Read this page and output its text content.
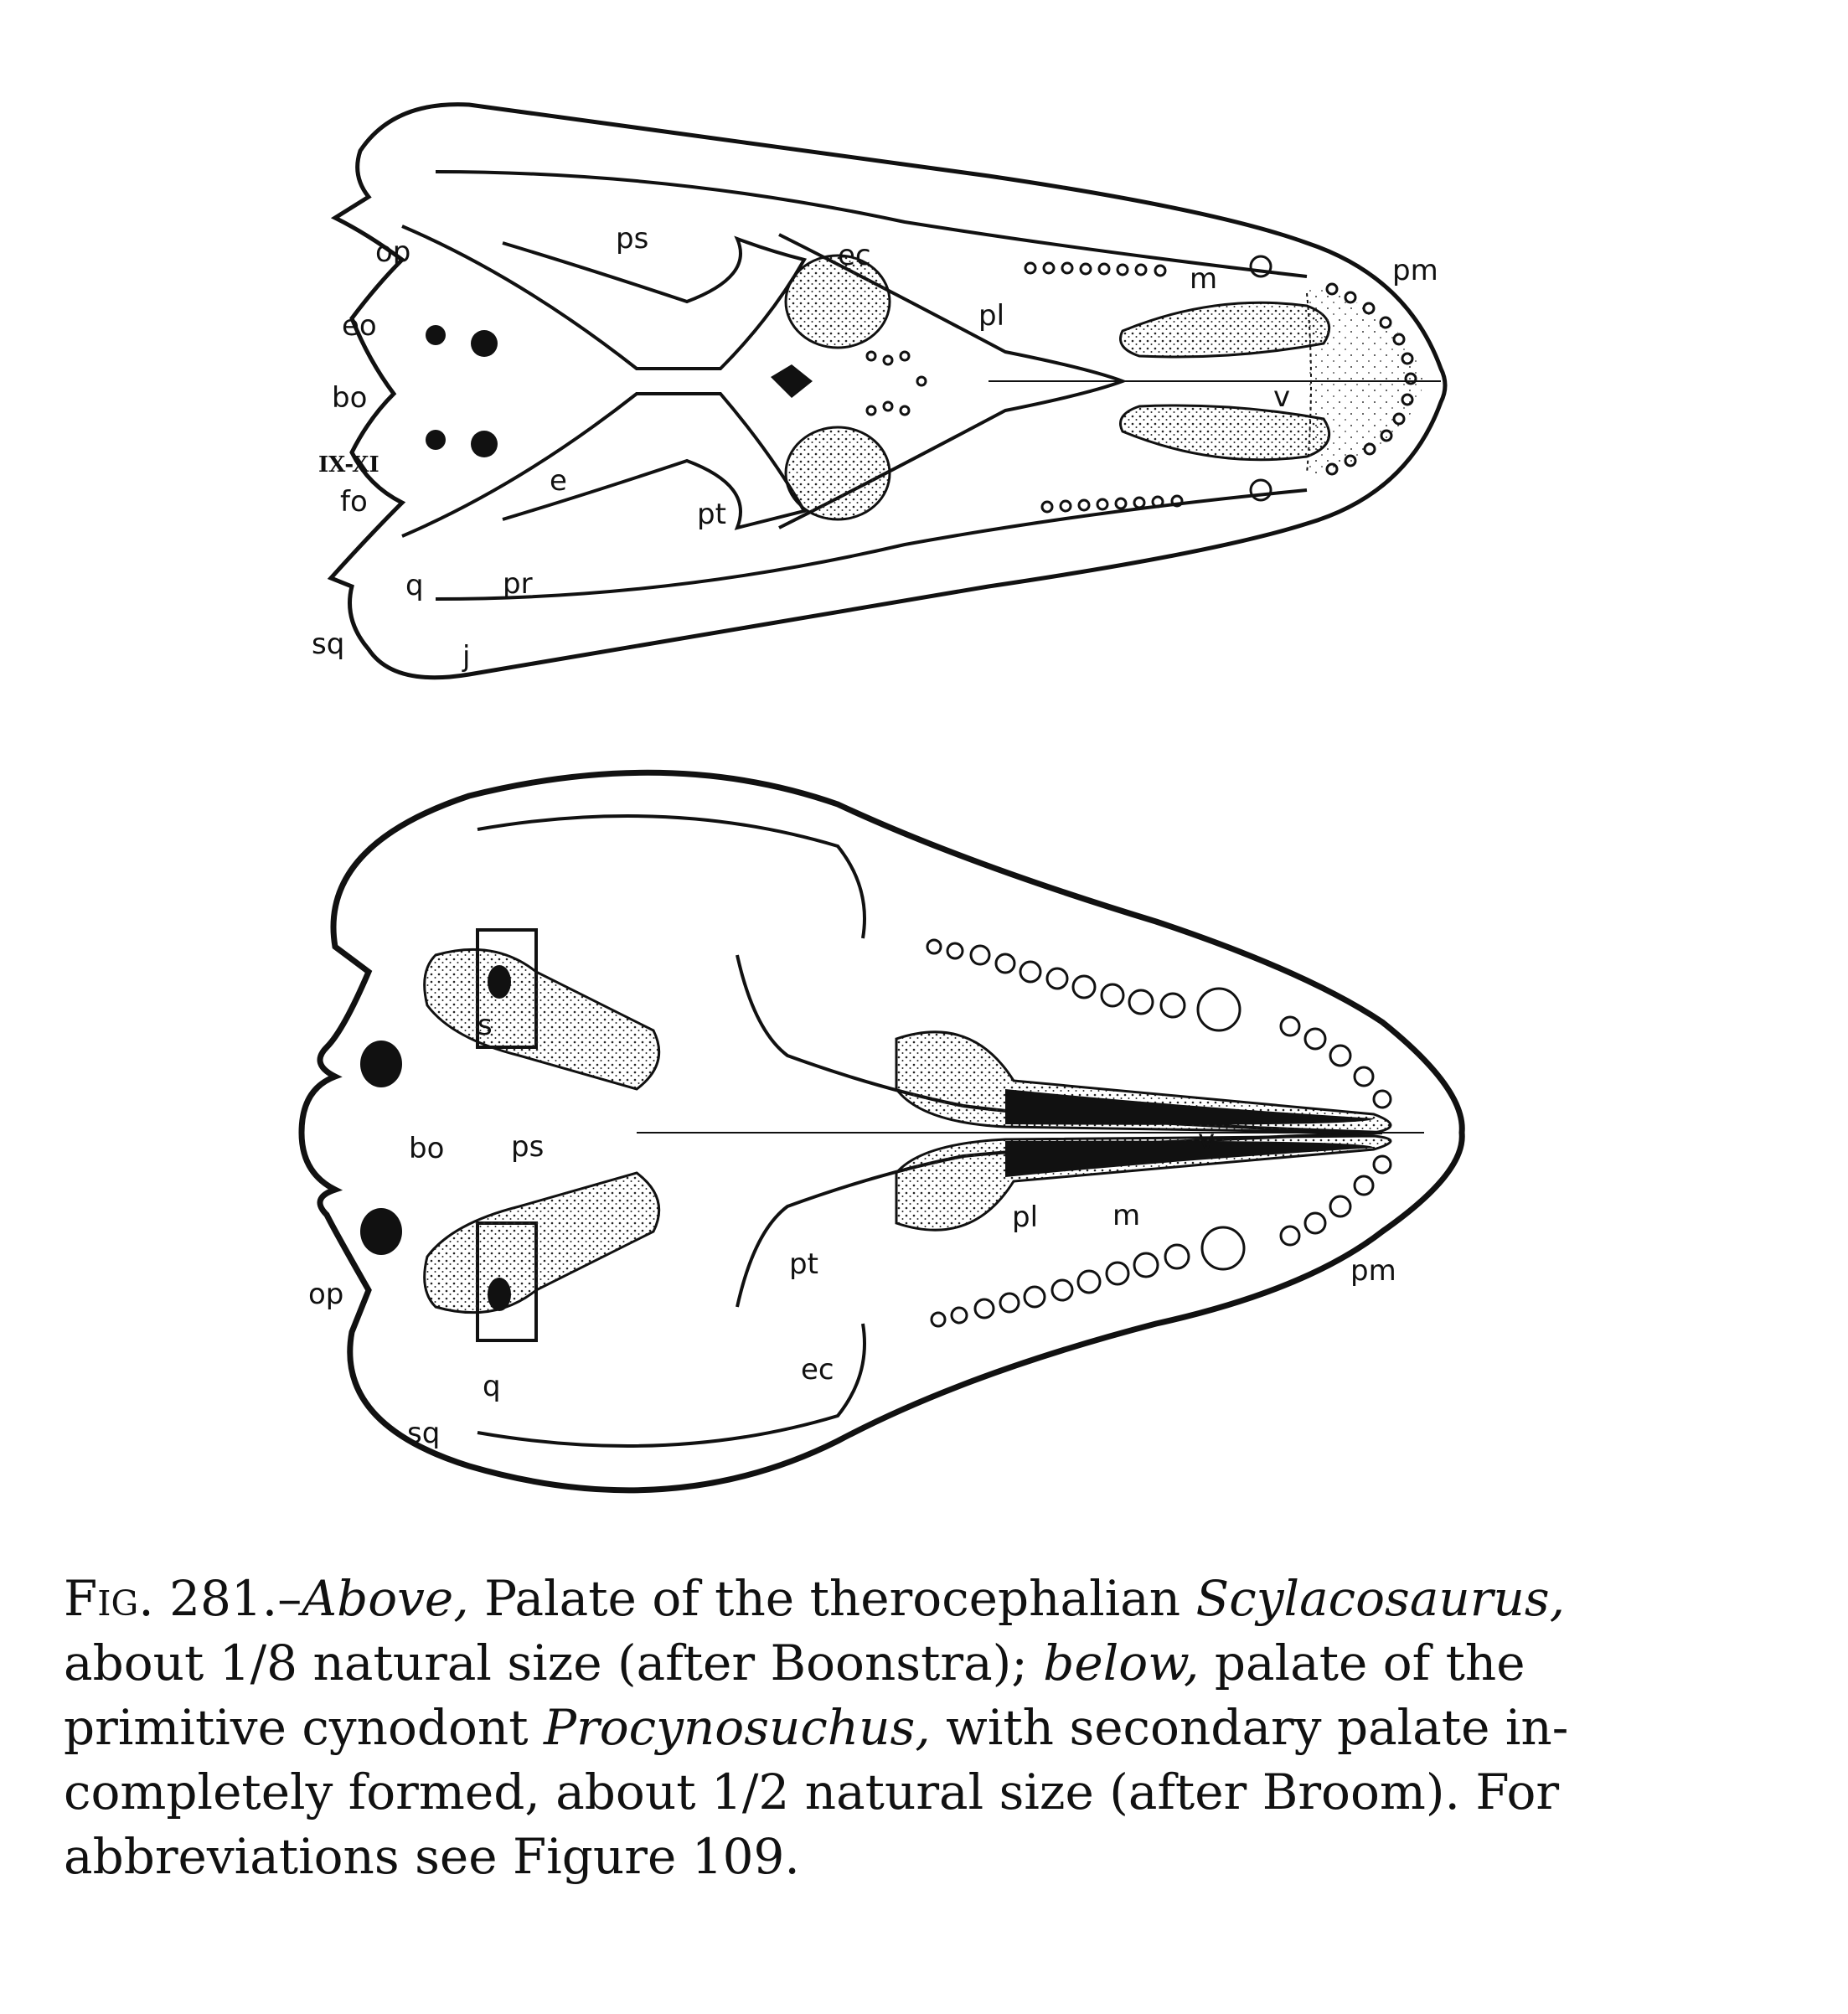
op	ps	ec
m	pm
eo	pl
bo	v
IX-XI
fo
e
pt
pr
q
sq	j
s
bo ps	v
pl	m
pt
op
pm
q	ec
sq
Fig. 281.–Above, Palate of the therocephalian Scylacosaurus,
about 1/8 natural size (after Boonstra); below, palate of the
primitive cynodont Procynosuchus, with secondary palate in-
completely formed, about 1/2 natural size (after Broom). For
abbreviations see Figure 109.
